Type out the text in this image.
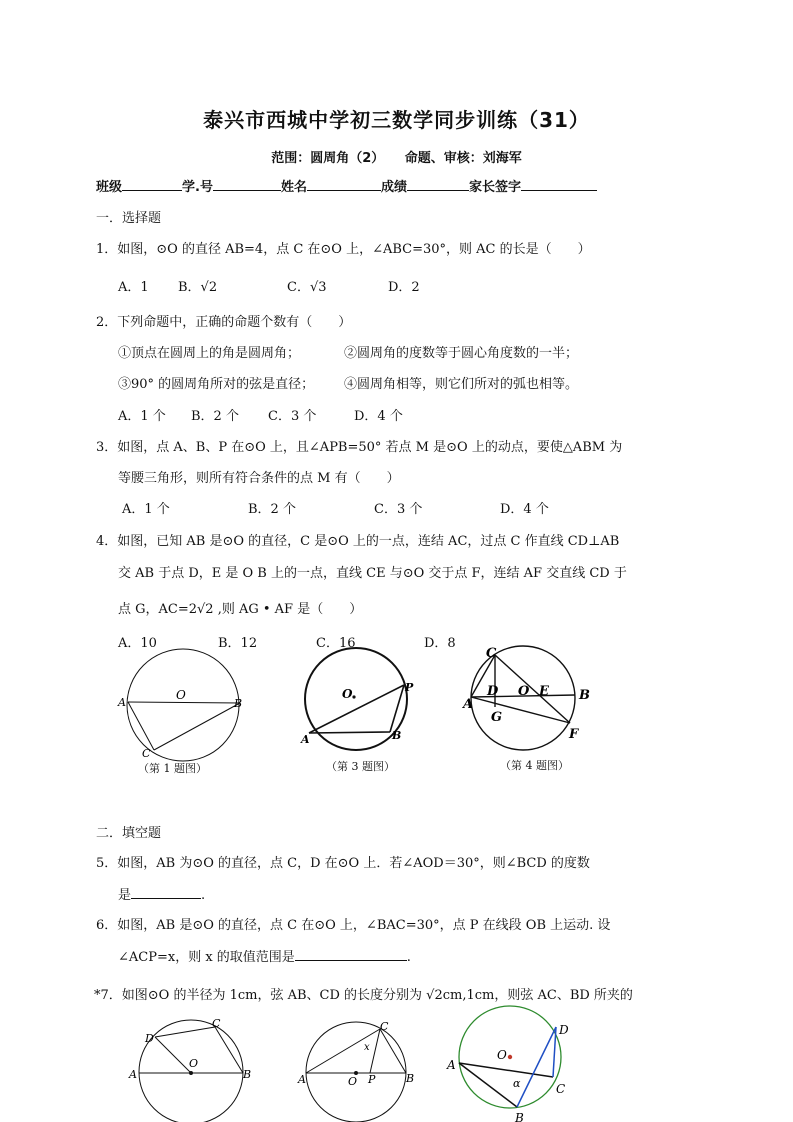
泰兴市西城中学初三数学同步训练（31）
范围：圆周角（2） 命题、审核：刘海军
班级	学.号	姓名	成绩	家长签字
一．选择题
1．如图，⊙O 的直径 AB=4，点 C 在⊙O 上，∠ABC=30°，则 AC 的长是（　　）
A．1 B．√2	C．√3	D．2
2．下列命题中，正确的命题个数有（　　）
①顶点在圆周上的角是圆周角；	②圆周角的度数等于圆心角度数的一半；
③90° 的圆周角所对的弦是直径； ④圆周角相等，则它们所对的弧也相等。
A．1 个 B．2 个 C．3 个	D．4 个
3．如图，点 A、B、P 在⊙O 上，且∠APB=50° 若点 M 是⊙O 上的动点，要使△ABM 为
等腰三角形，则所有符合条件的点 M 有（　　）
A．1 个	B．2 个	C．3 个	D．4 个
4．如图，已知 AB 是⊙O 的直径，C 是⊙O 上的一点，连结 AC，过点 C 作直线 CD⊥AB
交 AB 于点 D，E 是 O B 上的一点，直线 CE 与⊙O 交于点 F，连结 AF 交直线 CD 于
点 G，AC=2√2 ,则 AG • AF 是（　　）
A．10	B．12	C．16	D．8
O
A	B
C
（第 1 题图）
O	P
A	B
（第 3 题图）
C
D O E B
A
G
F
（第 4 题图）
二．填空题
5．如图，AB 为⊙O 的直径，点 C，D 在⊙O 上．若∠AOD＝30°，则∠BCD 的度数
是	.
6．如图，AB 是⊙O 的直径，点 C 在⊙O 上，∠BAC=30°，点 P 在线段 OB 上运动. 设
∠ACP=x，则 x 的取值范围是	.
*7．如图⊙O 的半径为 1cm，弦 AB、CD 的长度分别为 √2cm,1cm，则弦 AC、BD 所夹的
D
C
O
A	B
C
x
A	O P	B
D
O
A
α	C
B
